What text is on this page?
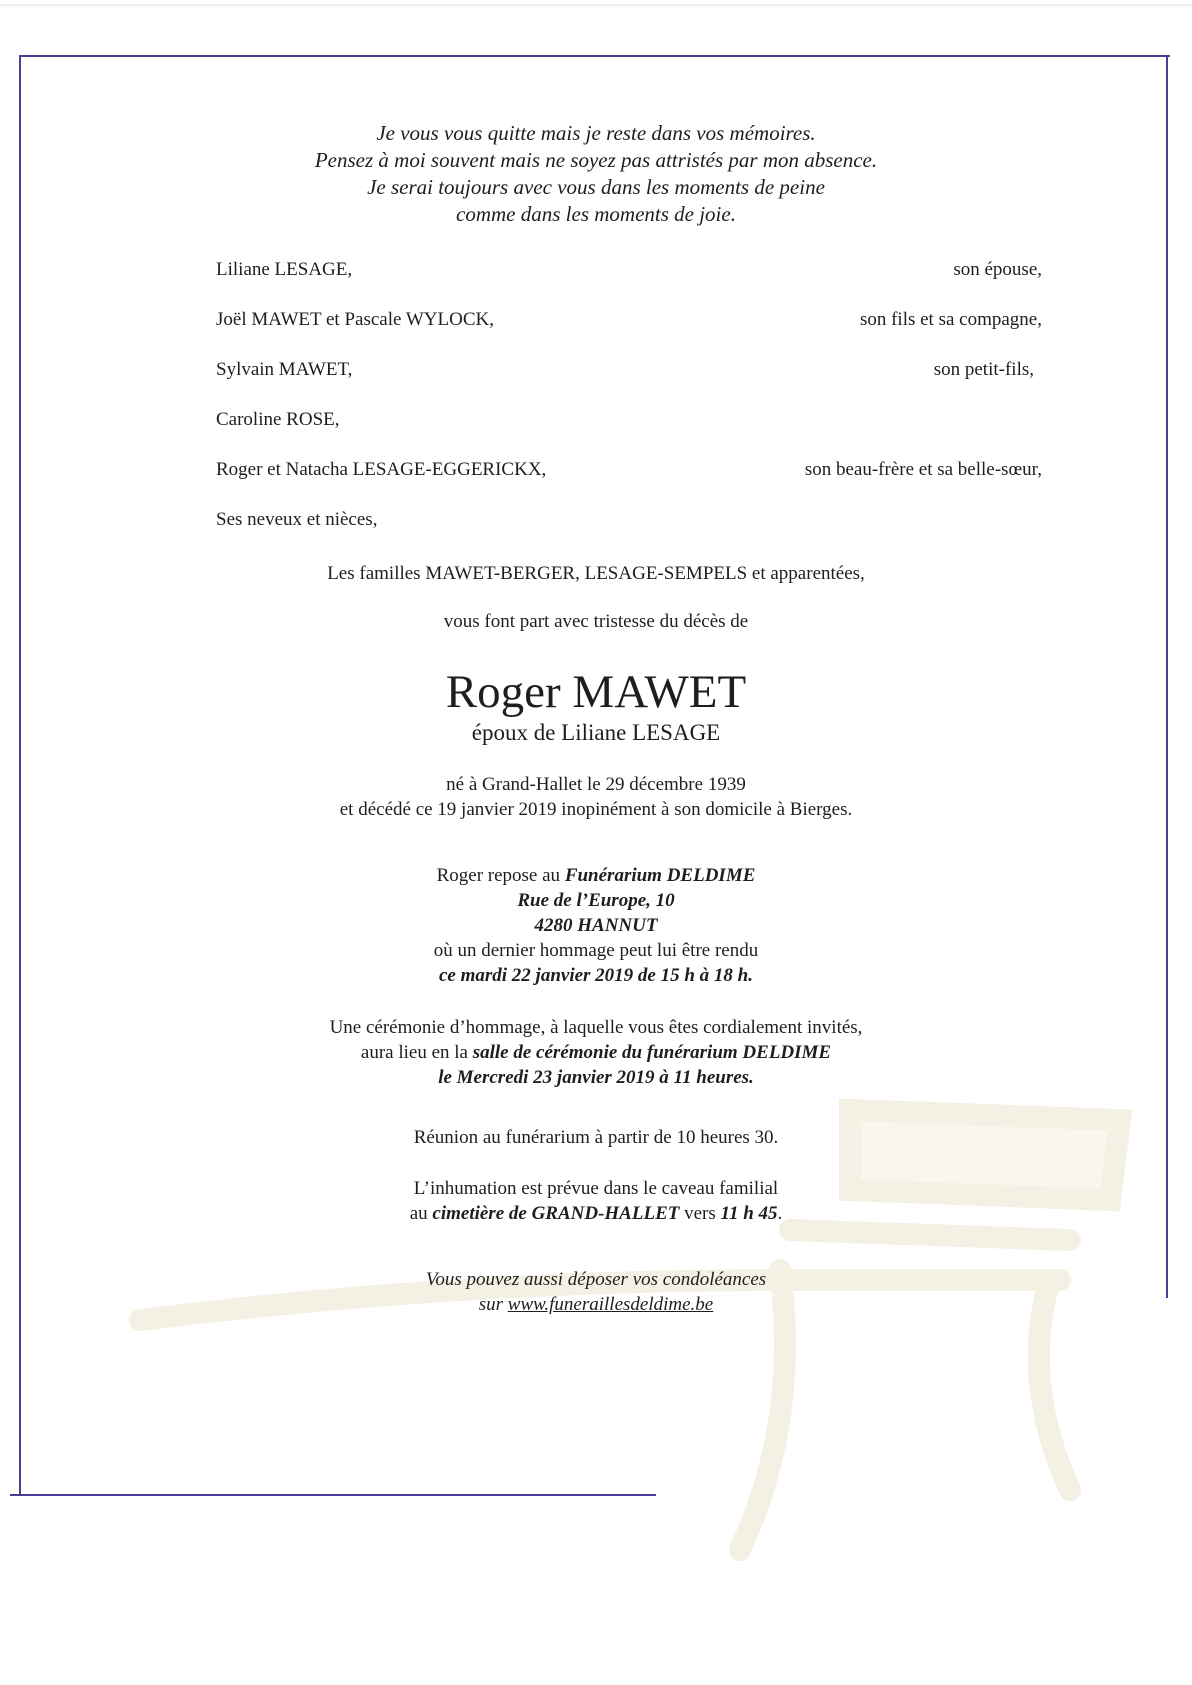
Je vous vous quitte mais je reste dans vos mémoires.
Pensez à moi souvent mais ne soyez pas attristés par mon absence.
Je serai toujours avec vous dans les moments de peine
comme dans les moments de joie.
Liliane LESAGE,	son épouse,
Joël MAWET et Pascale WYLOCK,	son fils et sa compagne,
Sylvain MAWET,	son petit-fils,
Caroline ROSE,
Roger et Natacha LESAGE-EGGERICKX,	son beau-frère et sa belle-sœur,
Ses neveux et nièces,
Les familles MAWET-BERGER, LESAGE-SEMPELS et apparentées,
vous font part avec tristesse du décès de
Roger MAWET
époux de Liliane LESAGE
né à Grand-Hallet le 29 décembre 1939
et décédé ce 19 janvier 2019 inopinément à son domicile à Bierges.
Roger repose au Funérarium DELDIME
Rue de l’Europe, 10
4280 HANNUT
où un dernier hommage peut lui être rendu
ce mardi 22 janvier 2019 de 15 h à 18 h.
Une cérémonie d’hommage, à laquelle vous êtes cordialement invités,
aura lieu en la salle de cérémonie du funérarium DELDIME
le Mercredi 23 janvier 2019 à 11 heures.
Réunion au funérarium à partir de 10 heures 30.
L’inhumation est prévue dans le caveau familial
au cimetière de GRAND-HALLET vers 11 h 45.
Vous pouvez aussi déposer vos condoléances
sur www.funeraillesdeldime.be
